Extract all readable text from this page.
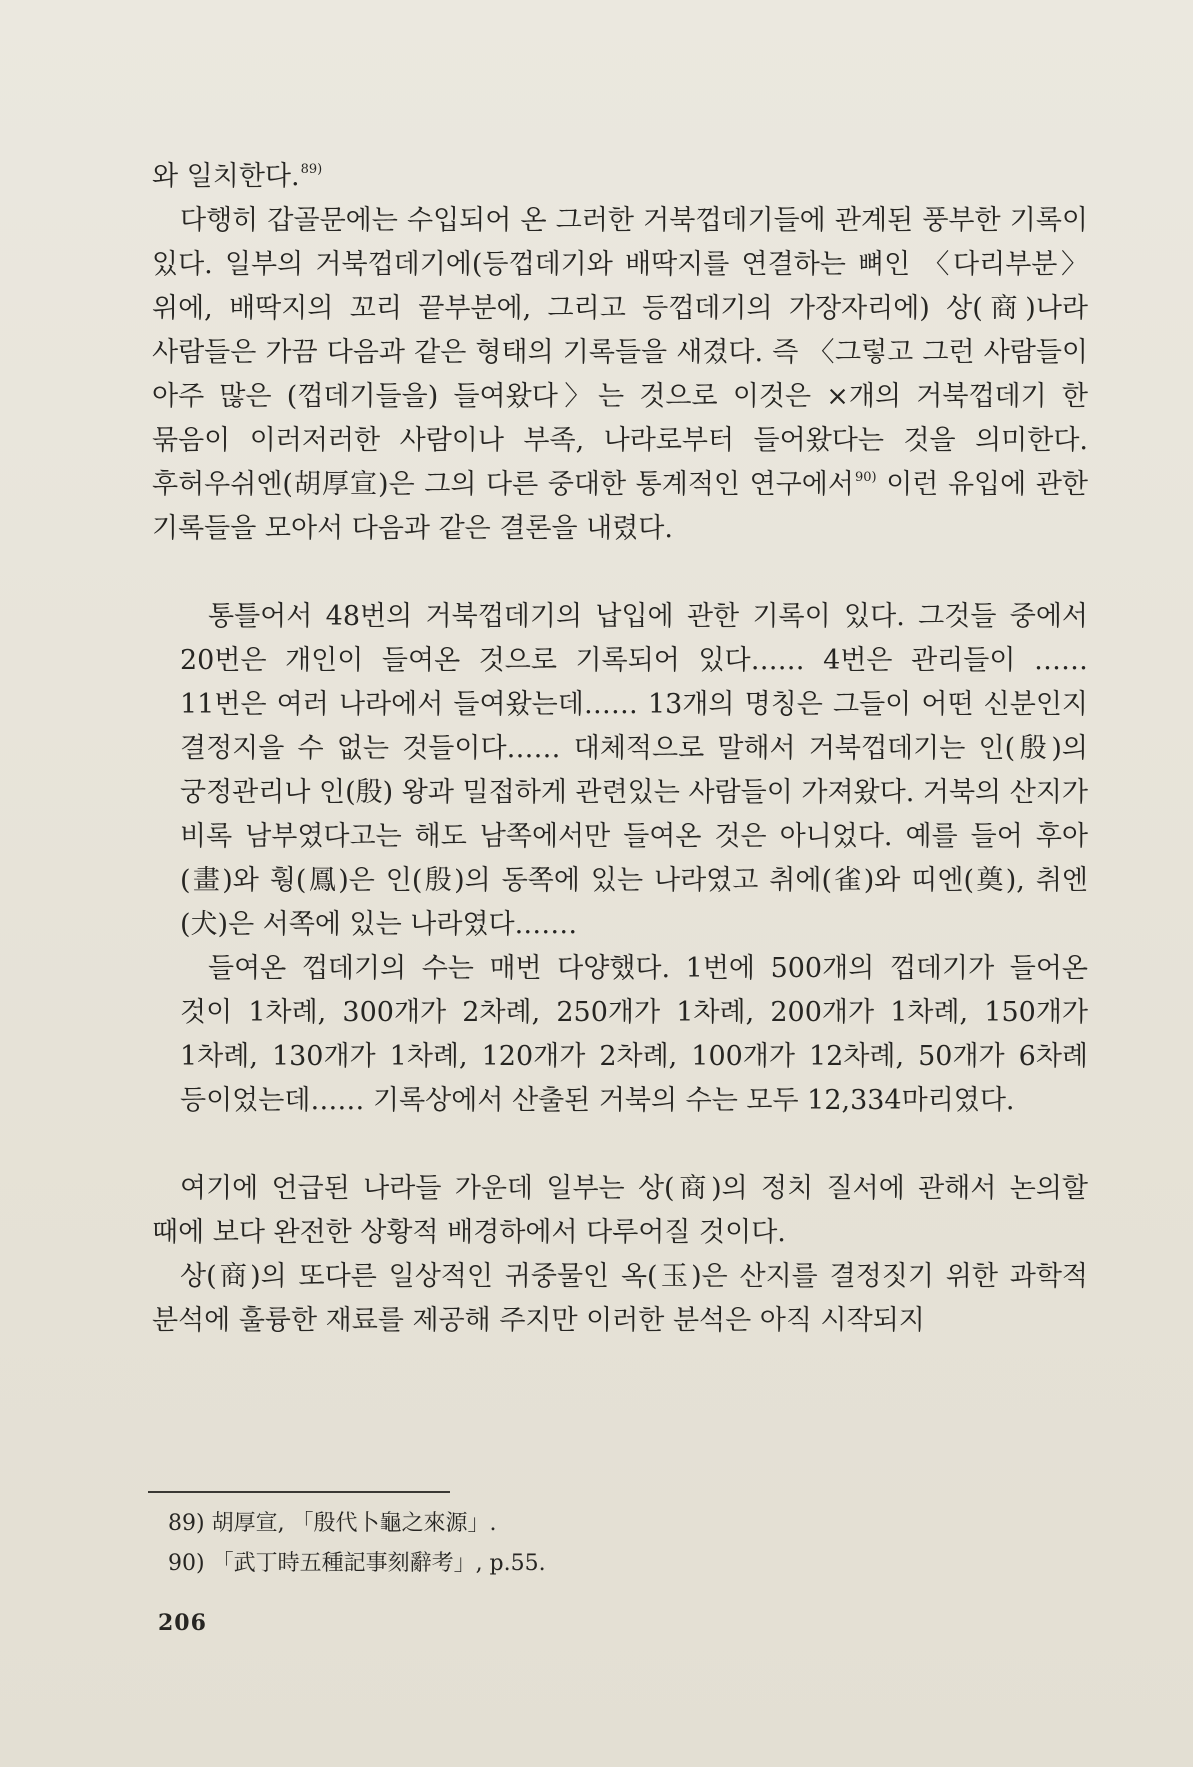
와 일치한다.$^{89)}$

다행히 갑골문에는 수입되어 온 그러한 거북껍데기들에 관계된 풍부한 기록이 있다. 일부의 거북껍데기에(등껍데기와 배딱지를 연결하는 뼈인 〈다리부분〉위에, 배딱지의 꼬리 끝부분에, 그리고 등껍데기의 가장자리에) 상(商)나라 사람들은 가끔 다음과 같은 형태의 기록들을 새겼다. 즉 〈그렇고 그런 사람들이 아주 많은 (껍데기들을) 들여왔다〉는 것으로 이것은 ×개의 거북껍데기 한 묶음이 이러저러한 사람이나 부족, 나라로부터 들어왔다는 것을 의미한다. 후허우쉬엔(胡厚宣)은 그의 다른 중대한 통계적인 연구에서$^{90)}$ 이런 유입에 관한 기록들을 모아서 다음과 같은 결론을 내렸다.

통틀어서 48번의 거북껍데기의 납입에 관한 기록이 있다. 그것들 중에서 20번은 개인이 들여온 것으로 기록되어 있다…… 4번은 관리들이 ……11번은 여러 나라에서 들여왔는데…… 13개의 명칭은 그들이 어떤 신분인지 결정지을 수 없는 것들이다…… 대체적으로 말해서 거북껍데기는 인(殷)의 궁정관리나 인(殷) 왕과 밀접하게 관련있는 사람들이 가져왔다. 거북의 산지가 비록 남부였다고는 해도 남쪽에서만 들여온 것은 아니었다. 예를 들어 후아(畫)와 훵(鳳)은 인(殷)의 동쪽에 있는 나라였고 취에(雀)와 띠엔(奠), 취엔(犬)은 서쪽에 있는 나라였다.……

들여온 껍데기의 수는 매번 다양했다. 1번에 500개의 껍데기가 들어온 것이 1차례, 300개가 2차례, 250개가 1차례, 200개가 1차례, 150개가 1차례, 130개가 1차례, 120개가 2차례, 100개가 12차례, 50개가 6차례 등이었는데…… 기록상에서 산출된 거북의 수는 모두 12,334마리였다.

여기에 언급된 나라들 가운데 일부는 상(商)의 정치 질서에 관해서 논의할 때에 보다 완전한 상황적 배경하에서 다루어질 것이다.

상(商)의 또다른 일상적인 귀중물인 옥(玉)은 산지를 결정짓기 위한 과학적 분석에 훌륭한 재료를 제공해 주지만 이러한 분석은 아직 시작되지

89) 胡厚宣, 「殷代卜龜之來源」.
90) 「武丁時五種記事刻辭考」, p.55.
206
